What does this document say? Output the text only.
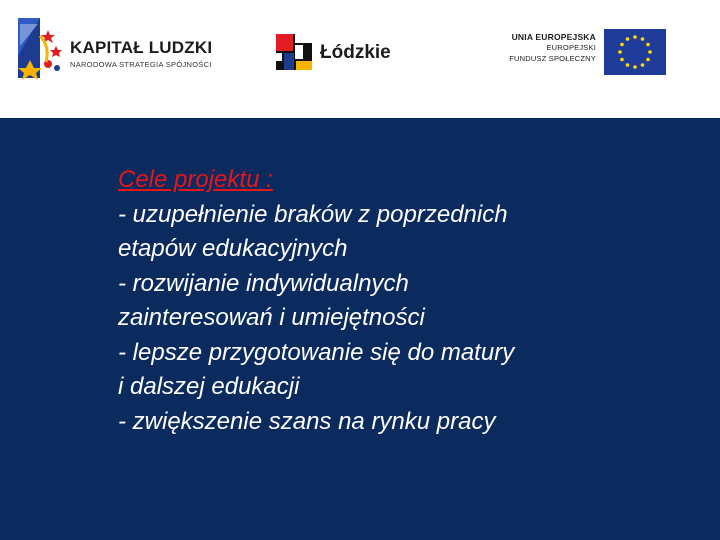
KAPITAŁ LUDZKI
NARODOWA STRATEGIA SPÓJNOŚCI
Łódzkie
UNIA EUROPEJSKA
EUROPEJSKI
FUNDUSZ SPOŁECZNY
Cele projektu :
- uzupełnienie braków z poprzednich
etapów edukacyjnych
- rozwijanie indywidualnych
zainteresowań i umiejętności
- lepsze przygotowanie się do matury
i dalszej edukacji
- zwiększenie szans na rynku pracy
